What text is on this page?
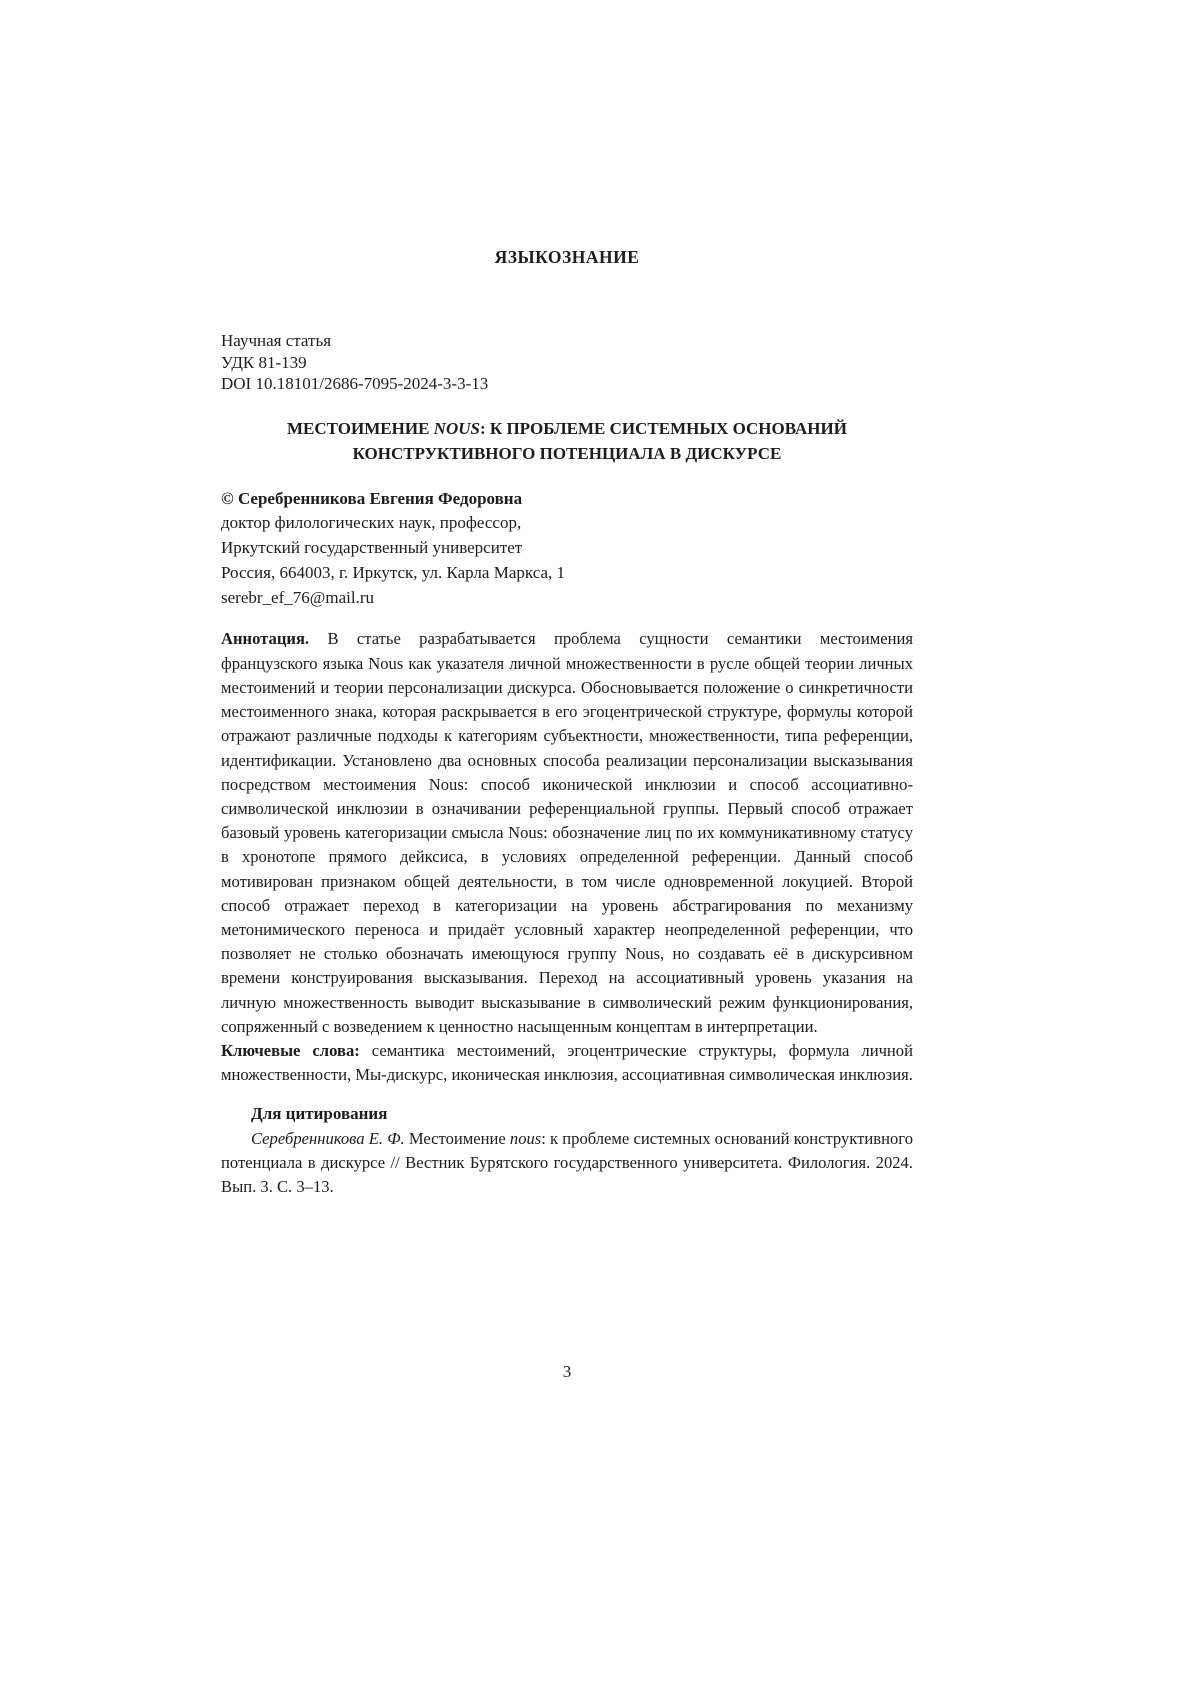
ЯЗЫКОЗНАНИЕ
Научная статья
УДК 81-139
DOI 10.18101/2686-7095-2024-3-3-13
МЕСТОИМЕНИЕ NOUS: К ПРОБЛЕМЕ СИСТЕМНЫХ ОСНОВАНИЙ КОНСТРУКТИВНОГО ПОТЕНЦИАЛА В ДИСКУРСЕ
© Серебренникова Евгения Федоровна
доктор филологических наук, профессор,
Иркутский государственный университет
Россия, 664003, г. Иркутск, ул. Карла Маркса, 1
serebr_ef_76@mail.ru

Аннотация. В статье разрабатывается проблема сущности семантики местоимения французского языка Nous как указателя личной множественности в русле общей теории личных местоимений и теории персонализации дискурса. Обосновывается положение о синкретичности местоименного знака, которая раскрывается в его эгоцентрической структуре, формулы которой отражают различные подходы к категориям субъектности, множественности, типа референции, идентификации. Установлено два основных способа реализации персонализации высказывания посредством местоимения Nous: способ иконической инклюзии и способ ассоциативно-символической инклюзии в означивании референциальной группы. Первый способ отражает базовый уровень категоризации смысла Nous: обозначение лиц по их коммуникативному статусу в хронотопе прямого дейксиса, в условиях определенной референции. Данный способ мотивирован признаком общей деятельности, в том числе одновременной локуцией. Второй способ отражает переход в категоризации на уровень абстрагирования по механизму метонимического переноса и придаёт условный характер неопределенной референции, что позволяет не столько обозначать имеющуюся группу Nous, но создавать её в дискурсивном времени конструирования высказывания. Переход на ассоциативный уровень указания на личную множественность выводит высказывание в символический режим функционирования, сопряженный с возведением к ценностно насыщенным концептам в интерпретации.

Ключевые слова: семантика местоимений, эгоцентрические структуры, формула личной множественности, Мы-дискурс, иконическая инклюзия, ассоциативная символическая инклюзия.

Для цитирования

Серебренникова Е. Ф. Местоимение nous: к проблеме системных оснований конструктивного потенциала в дискурсе // Вестник Бурятского государственного университета. Филология. 2024. Вып. 3. С. 3–13.

3
